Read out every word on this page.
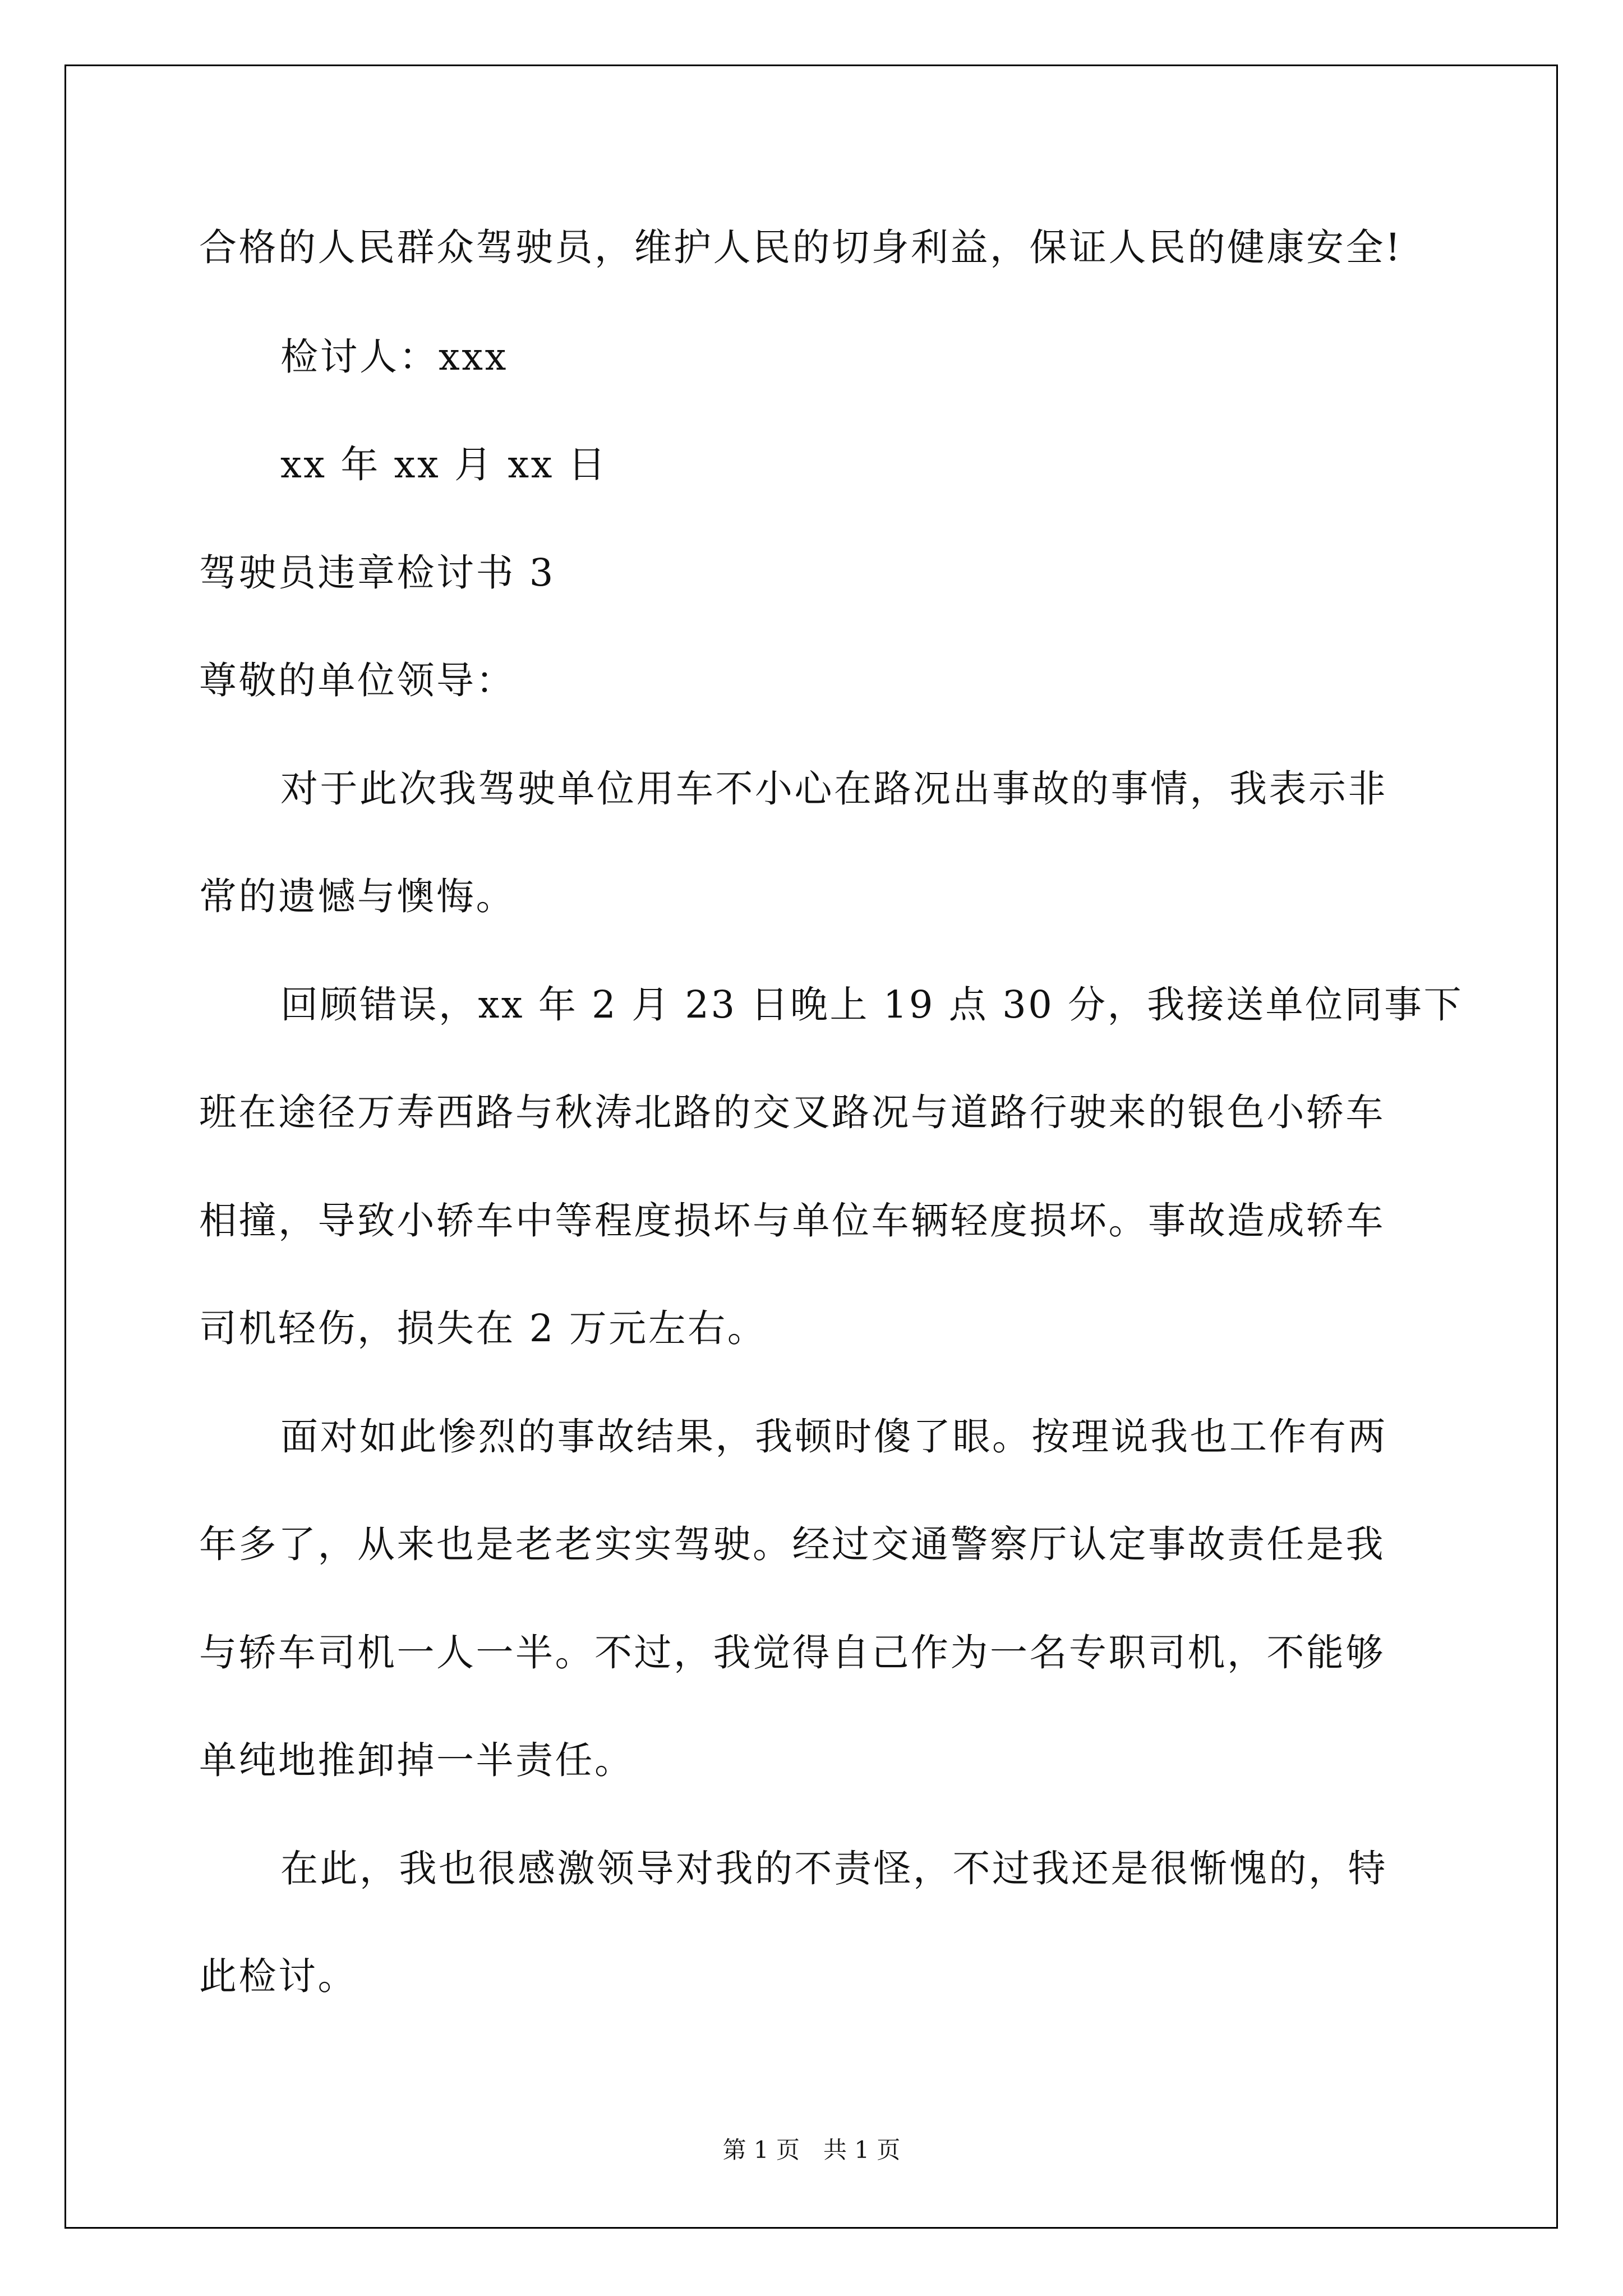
合格的人民群众驾驶员，维护人民的切身利益，保证人民的健康安全!
检讨人：xxx
xx 年 xx 月 xx 日
驾驶员违章检讨书 3
尊敬的单位领导：
对于此次我驾驶单位用车不小心在路况出事故的事情，我表示非
常的遗憾与懊悔。
回顾错误，xx 年 2 月 23 日晚上 19 点 30 分，我接送单位同事下
班在途径万寿西路与秋涛北路的交叉路况与道路行驶来的银色小轿车
相撞，导致小轿车中等程度损坏与单位车辆轻度损坏。事故造成轿车
司机轻伤，损失在 2 万元左右。
面对如此惨烈的事故结果，我顿时傻了眼。按理说我也工作有两
年多了，从来也是老老实实驾驶。经过交通警察厅认定事故责任是我
与轿车司机一人一半。不过，我觉得自己作为一名专职司机，不能够
单纯地推卸掉一半责任。
在此，我也很感激领导对我的不责怪，不过我还是很惭愧的，特
此检讨。
第 1 页　共 1 页
